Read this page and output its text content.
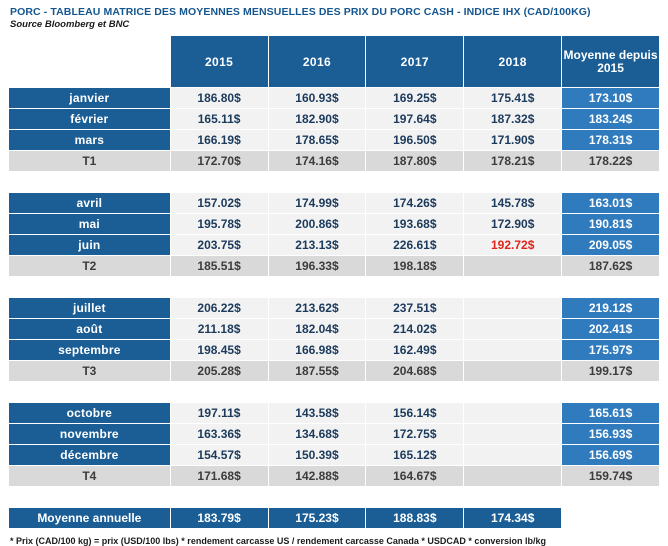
PORC - TABLEAU MATRICE DES MOYENNES MENSUELLES DES PRIX DU PORC CASH - INDICE IHX (CAD/100KG)
Source Bloomberg et BNC
	2015	2016	2017	2018	Moyenne depuis 2015
janvier	186.80$	160.93$	169.25$	175.41$	173.10$
février	165.11$	182.90$	197.64$	187.32$	183.24$
mars	166.19$	178.65$	196.50$	171.90$	178.31$
T1	172.70$	174.16$	187.80$	178.21$	178.22$

avril	157.02$	174.99$	174.26$	145.78$	163.01$
mai	195.78$	200.86$	193.68$	172.90$	190.81$
juin	203.75$	213.13$	226.61$	192.72$	209.05$
T2	185.51$	196.33$	198.18$		187.62$

juillet	206.22$	213.62$	237.51$		219.12$
août	211.18$	182.04$	214.02$		202.41$
septembre	198.45$	166.98$	162.49$		175.97$
T3	205.28$	187.55$	204.68$		199.17$

octobre	197.11$	143.58$	156.14$		165.61$
novembre	163.36$	134.68$	172.75$		156.93$
décembre	154.57$	150.39$	165.12$		156.69$
T4	171.68$	142.88$	164.67$		159.74$

Moyenne annuelle	183.79$	175.23$	188.83$	174.34$	
* Prix (CAD/100 kg) = prix (USD/100 lbs) * rendement carcasse US / rendement carcasse Canada * USDCAD * conversion lb/kg
